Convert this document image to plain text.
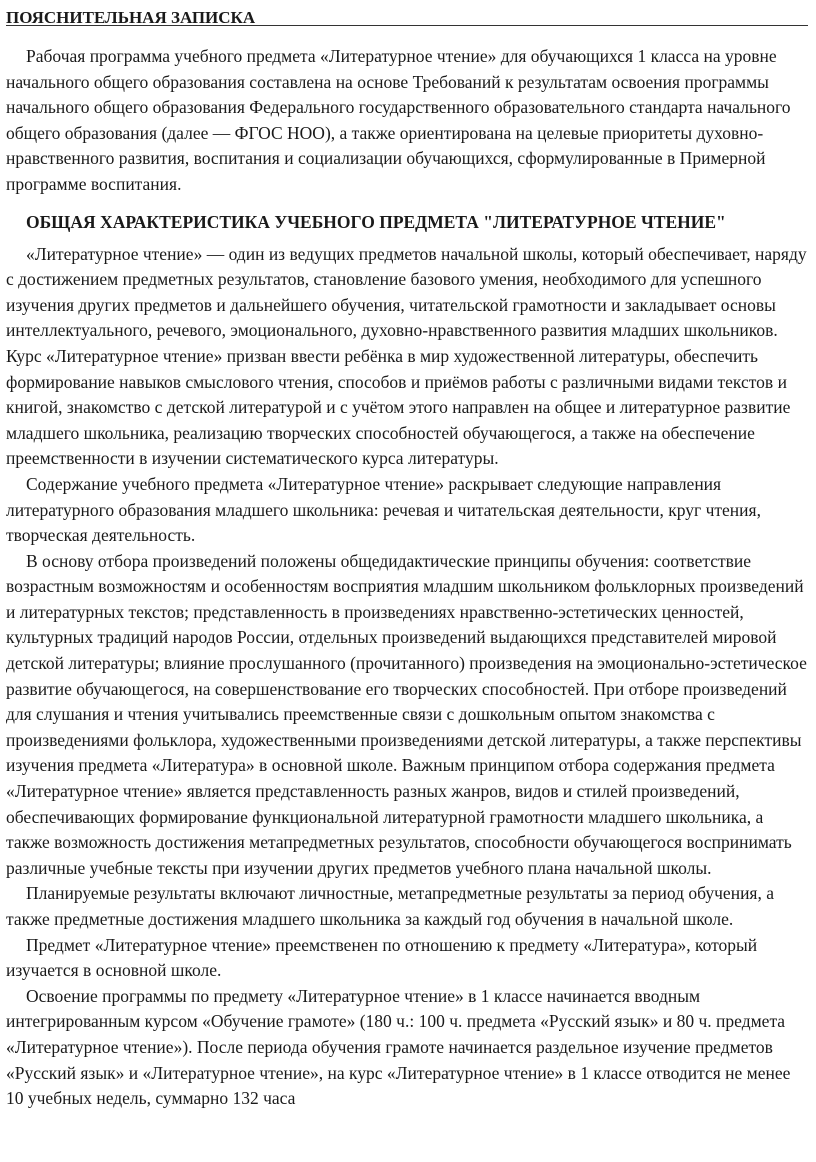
ПОЯСНИТЕЛЬНАЯ ЗАПИСКА

Рабочая программа учебного предмета «Литературное чтение» для обучающихся 1 класса на уровне начального общего образования составлена на основе Требований к результатам освоения программы начального общего образования Федерального государственного образовательного стандарта начального общего образования (далее — ФГОС НОО), а также ориентирована на целевые приоритеты духовно-нравственного развития, воспитания и социализации обучающихся, сформулированные в Примерной программе воспитания.

ОБЩАЯ ХАРАКТЕРИСТИКА УЧЕБНОГО ПРЕДМЕТА "ЛИТЕРАТУРНОЕ ЧТЕНИЕ"

«Литературное чтение» — один из ведущих предметов начальной школы, который обеспечивает, наряду с достижением предметных результатов, становление базового умения, необходимого для успешного изучения других предметов и дальнейшего обучения, читательской грамотности и закладывает основы интеллектуального, речевого, эмоционального, духовно-нравственного развития младших школьников. Курс «Литературное чтение» призван ввести ребёнка в мир художественной литературы, обеспечить формирование навыков смыслового чтения, способов и приёмов работы с различными видами текстов и книгой, знакомство с детской литературой и с учётом этого направлен на общее и литературное развитие младшего школьника, реализацию творческих способностей обучающегося, а также на обеспечение преемственности в изучении систематического курса литературы.

Содержание учебного предмета «Литературное чтение» раскрывает следующие направления литературного образования младшего школьника: речевая и читательская деятельности, круг чтения, творческая деятельность.

В основу отбора произведений положены общедидактические принципы обучения: соответствие возрастным возможностям и особенностям восприятия младшим школьником фольклорных произведений и литературных текстов; представленность в произведениях нравственно-эстетических ценностей, культурных традиций народов России, отдельных произведений выдающихся представителей мировой детской литературы; влияние прослушанного (прочитанного) произведения на эмоционально-эстетическое развитие обучающегося, на совершенствование его творческих способностей. При отборе произведений для слушания и чтения учитывались преемственные связи с дошкольным опытом знакомства с произведениями фольклора, художественными произведениями детской литературы, а также перспективы изучения предмета «Литература» в основной школе. Важным принципом отбора содержания предмета «Литературное чтение» является представленность разных жанров, видов и стилей произведений, обеспечивающих формирование функциональной литературной грамотности младшего школьника, а также возможность достижения метапредметных результатов, способности обучающегося воспринимать различные учебные тексты при изучении других предметов учебного плана начальной школы.

Планируемые результаты включают личностные, метапредметные результаты за период обучения, а также предметные достижения младшего школьника за каждый год обучения в начальной школе.

Предмет «Литературное чтение» преемственен по отношению к предмету «Литература», который изучается в основной школе.

Освоение программы по предмету «Литературное чтение» в 1 классе начинается вводным интегрированным курсом «Обучение грамоте» (180 ч.: 100 ч. предмета «Русский язык» и 80 ч. предмета «Литературное чтение»). После периода обучения грамоте начинается раздельное изучение предметов «Русский язык» и «Литературное чтение», на курс «Литературное чтение» в 1 классе отводится не менее 10 учебных недель, суммарно 132 часа
